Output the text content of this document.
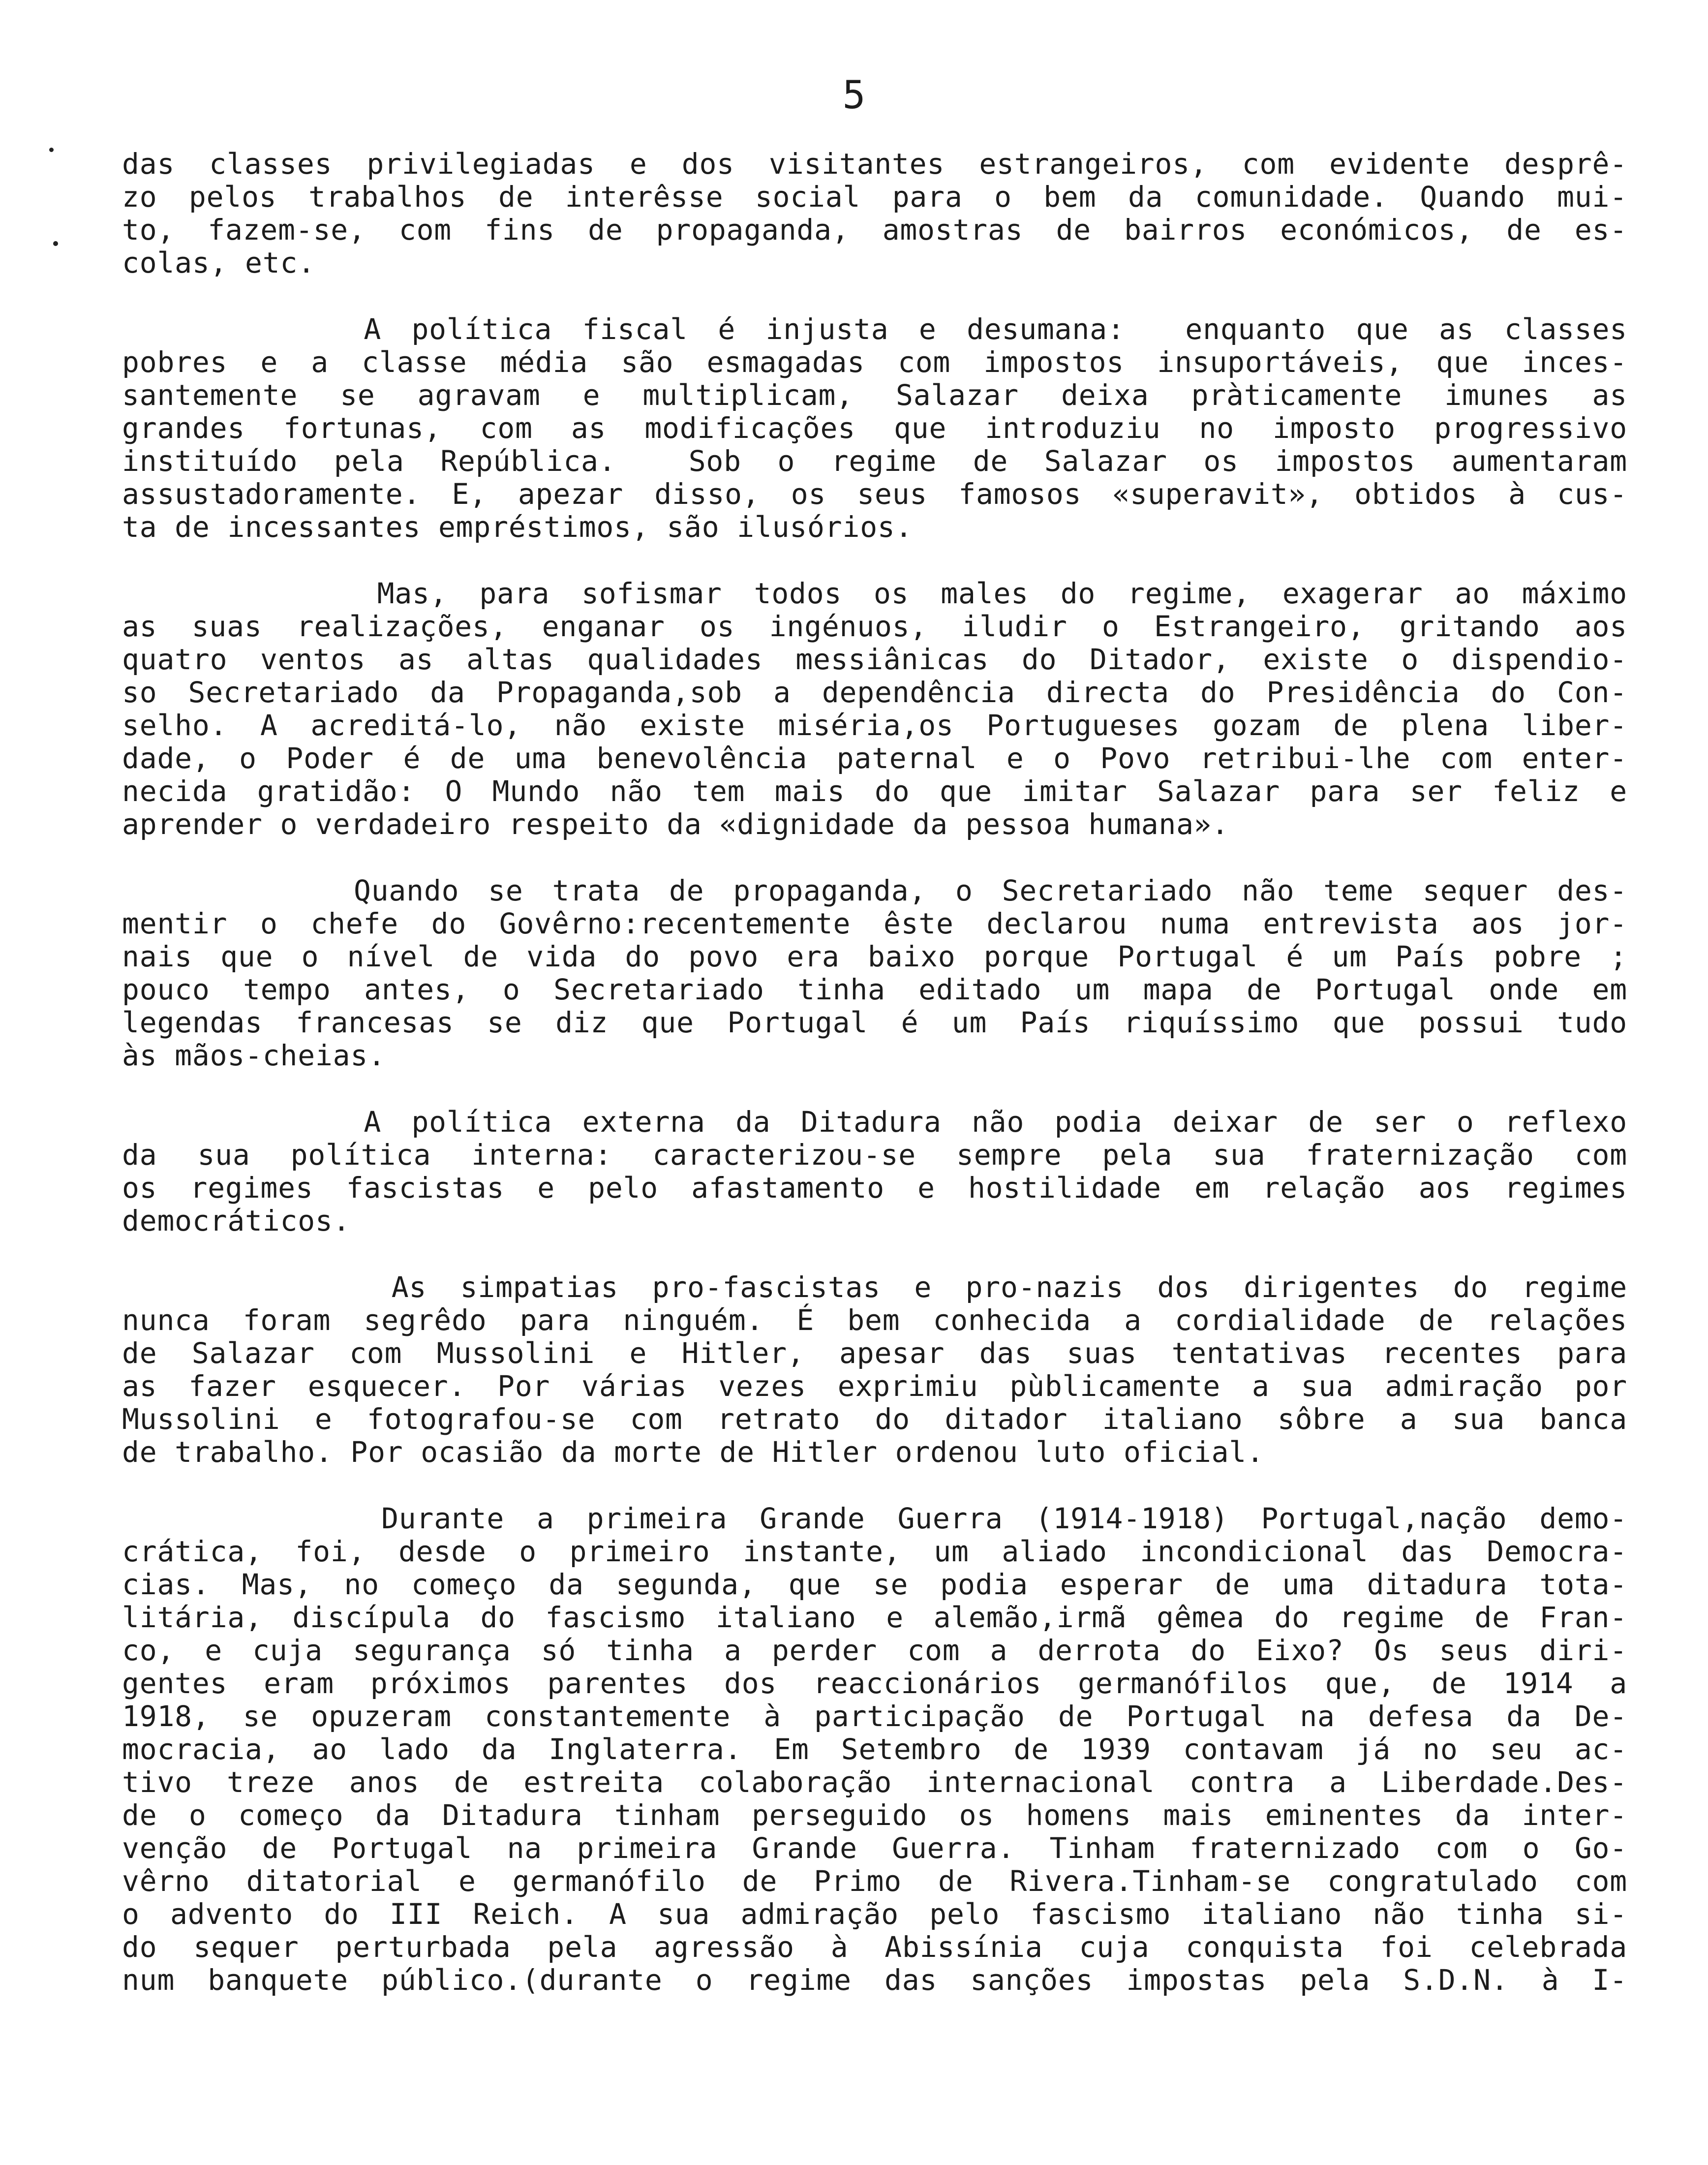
5
das classes privilegiadas e dos visitantes estrangeiros, com evidente desprê-
zo pelos trabalhos de interêsse social para o bem da comunidade. Quando mui-
to, fazem-se, com fins de propaganda, amostras de bairros económicos, de es-
colas, etc.
A política fiscal é injusta e desumana:  enquanto que as classes
pobres e a classe média são esmagadas com impostos insuportáveis, que inces-
santemente se agravam e multiplicam, Salazar deixa pràticamente imunes as
grandes fortunas, com as modificações que introduziu no imposto progressivo
instituído pela República.  Sob o regime de Salazar os impostos aumentaram
assustadoramente. E, apezar disso, os seus famosos «superavit», obtidos à cus-
ta de incessantes empréstimos, são ilusórios.
Mas, para sofismar todos os males do regime, exagerar ao máximo
as suas realizações, enganar os ingénuos, iludir o Estrangeiro, gritando aos
quatro ventos as altas qualidades messiânicas do Ditador, existe o dispendio-
so Secretariado da Propaganda,sob a dependência directa do Presidência do Con-
selho. A acreditá-lo, não existe miséria,os Portugueses gozam de plena liber-
dade, o Poder é de uma benevolência paternal e o Povo retribui-lhe com enter-
necida gratidão: O Mundo não tem mais do que imitar Salazar para ser feliz e
aprender o verdadeiro respeito da «dignidade da pessoa humana».
Quando se trata de propaganda, o Secretariado não teme sequer des-
mentir o chefe do Govêrno:recentemente êste declarou numa entrevista aos jor-
nais que o nível de vida do povo era baixo porque Portugal é um País pobre ;
pouco tempo antes, o Secretariado tinha editado um mapa de Portugal onde em
legendas francesas se diz que Portugal é um País riquíssimo que possui tudo
às mãos-cheias.
A política externa da Ditadura não podia deixar de ser o reflexo
da sua política interna: caracterizou-se sempre pela sua fraternização com
os regimes fascistas e pelo afastamento e hostilidade em relação aos regimes
democráticos.
As simpatias pro-fascistas e pro-nazis dos dirigentes do regime
nunca foram segrêdo para ninguém. É bem conhecida a cordialidade de relações
de Salazar com Mussolini e Hitler, apesar das suas tentativas recentes para
as fazer esquecer. Por várias vezes exprimiu pùblicamente a sua admiração por
Mussolini e fotografou-se com retrato do ditador italiano sôbre a sua banca
de trabalho. Por ocasião da morte de Hitler ordenou luto oficial.
Durante a primeira Grande Guerra (1914-1918) Portugal,nação demo-
crática, foi, desde o primeiro instante, um aliado incondicional das Democra-
cias. Mas, no começo da segunda, que se podia esperar de uma ditadura tota-
litária, discípula do fascismo italiano e alemão,irmã gêmea do regime de Fran-
co, e cuja segurança só tinha a perder com a derrota do Eixo? Os seus diri-
gentes eram próximos parentes dos reaccionários germanófilos que, de 1914 a
1918, se opuzeram constantemente à participação de Portugal na defesa da De-
mocracia, ao lado da Inglaterra. Em Setembro de 1939 contavam já no seu ac-
tivo treze anos de estreita colaboração internacional contra a Liberdade.Des-
de o começo da Ditadura tinham perseguido os homens mais eminentes da inter-
venção de Portugal na primeira Grande Guerra. Tinham fraternizado com o Go-
vêrno ditatorial e germanófilo de Primo de Rivera.Tinham-se congratulado com
o advento do III Reich. A sua admiração pelo fascismo italiano não tinha si-
do sequer perturbada pela agressão à Abissínia cuja conquista foi celebrada
num banquete público.(durante o regime das sanções impostas pela S.D.N. à I-
